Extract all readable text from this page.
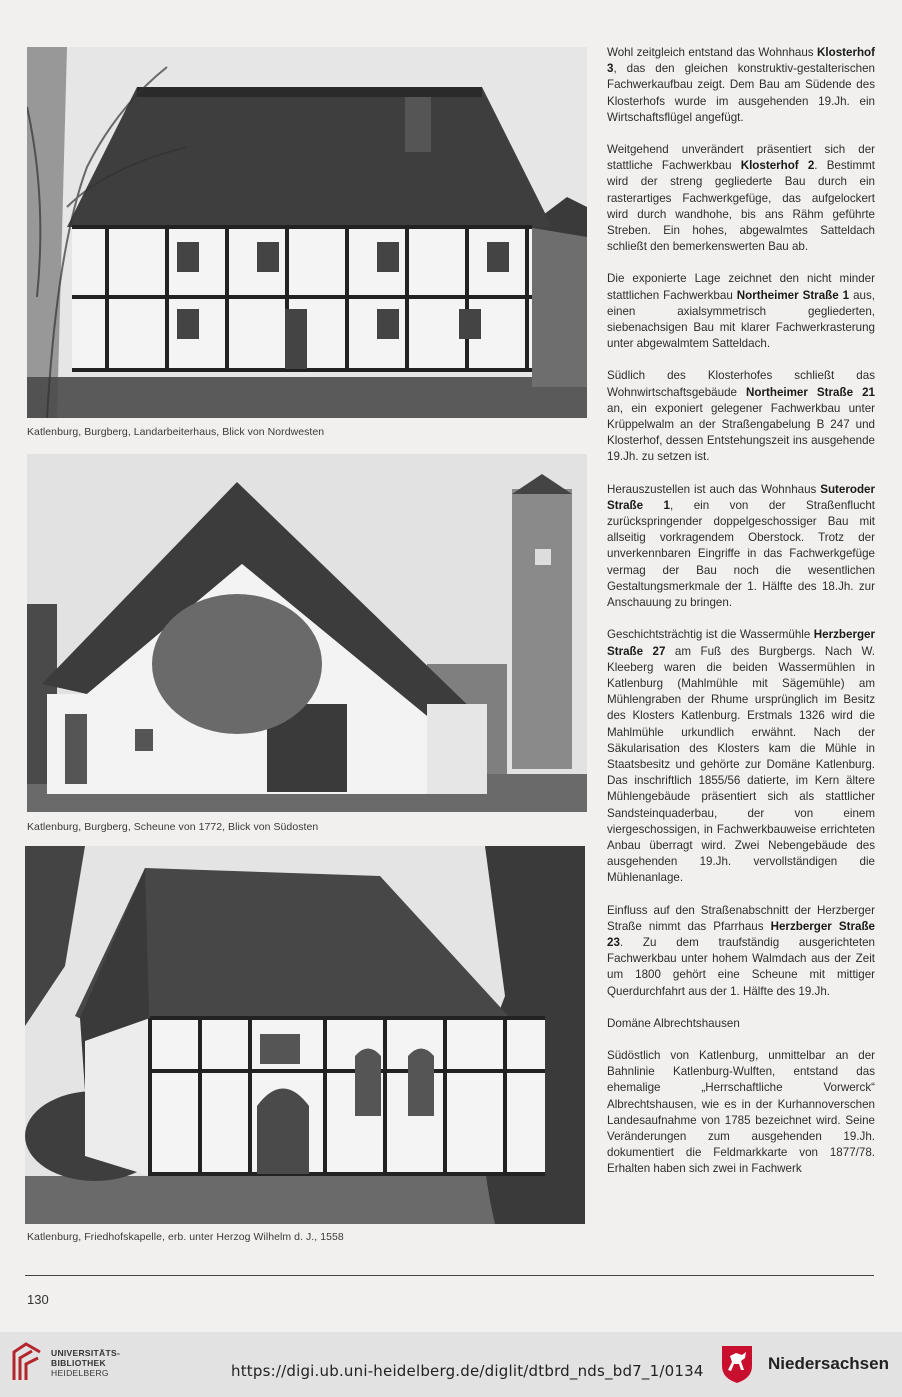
Katlenburg, Burgberg, Landarbeiterhaus, Blick von Nordwesten
Katlenburg, Burgberg, Scheune von 1772, Blick von Südosten
Katlenburg, Friedhofskapelle, erb. unter Herzog Wilhelm d. J., 1558

Wohl zeitgleich entstand das Wohnhaus Klosterhof 3, das den gleichen konstruktiv-gestalterischen Fachwerkaufbau zeigt. Dem Bau am Südende des Klosterhofs wurde im ausgehenden 19.Jh. ein Wirtschaftsflügel angefügt.

Weitgehend unverändert präsentiert sich der stattliche Fachwerkbau Klosterhof 2. Bestimmt wird der streng gegliederte Bau durch ein rasterartiges Fachwerkgefüge, das aufgelockert wird durch wandhohe, bis ans Rähm geführte Streben. Ein hohes, abgewalmtes Satteldach schließt den bemerkenswerten Bau ab.

Die exponierte Lage zeichnet den nicht minder stattlichen Fachwerkbau Northeimer Straße 1 aus, einen axialsymmetrisch gegliederten, siebenachsigen Bau mit klarer Fachwerkrasterung unter abgewalmtem Satteldach.

Südlich des Klosterhofes schließt das Wohnwirtschaftsgebäude Northeimer Straße 21 an, ein exponiert gelegener Fachwerkbau unter Krüppelwalm an der Straßengabelung B 247 und Klosterhof, dessen Entstehungszeit ins ausgehende 19.Jh. zu setzen ist.

Herauszustellen ist auch das Wohnhaus Suteroder Straße 1, ein von der Straßenflucht zurückspringender doppelgeschossiger Bau mit allseitig vorkragendem Oberstock. Trotz der unverkennbaren Eingriffe in das Fachwerkgefüge vermag der Bau noch die wesentlichen Gestaltungsmerkmale der 1. Hälfte des 18.Jh. zur Anschauung zu bringen.

Geschichtsträchtig ist die Wassermühle Herzberger Straße 27 am Fuß des Burgbergs. Nach W. Kleeberg waren die beiden Wassermühlen in Katlenburg (Mahlmühle mit Sägemühle) am Mühlengraben der Rhume ursprünglich im Besitz des Klosters Katlenburg. Erstmals 1326 wird die Mahlmühle urkundlich erwähnt. Nach der Säkularisation des Klosters kam die Mühle in Staatsbesitz und gehörte zur Domäne Katlenburg. Das inschriftlich 1855/56 datierte, im Kern ältere Mühlengebäude präsentiert sich als stattlicher Sandsteinquaderbau, der von einem viergeschossigen, in Fachwerkbauweise errichteten Anbau überragt wird. Zwei Nebengebäude des ausgehenden 19.Jh. vervollständigen die Mühlenanlage.

Einfluss auf den Straßenabschnitt der Herzberger Straße nimmt das Pfarrhaus Herzberger Straße 23. Zu dem traufständig ausgerichteten Fachwerkbau unter hohem Walmdach aus der Zeit um 1800 gehört eine Scheune mit mittiger Querdurchfahrt aus der 1. Hälfte des 19.Jh.

Domäne Albrechtshausen

Südöstlich von Katlenburg, unmittelbar an der Bahnlinie Katlenburg-Wulften, entstand das ehemalige „Herrschaftliche Vorwerck“ Albrechtshausen, wie es in der Kurhannoverschen Landesaufnahme von 1785 bezeichnet wird. Seine Veränderungen zum ausgehenden 19.Jh. dokumentiert die Feldmarkkarte von 1877/78. Erhalten haben sich zwei in Fachwerk

130
UNIVERSITÄTS-
BIBLIOTHEK
HEIDELBERG	https://digi.ub.uni-heidelberg.de/diglit/dtbrd_nds_bd7_1/0134	Niedersachsen
